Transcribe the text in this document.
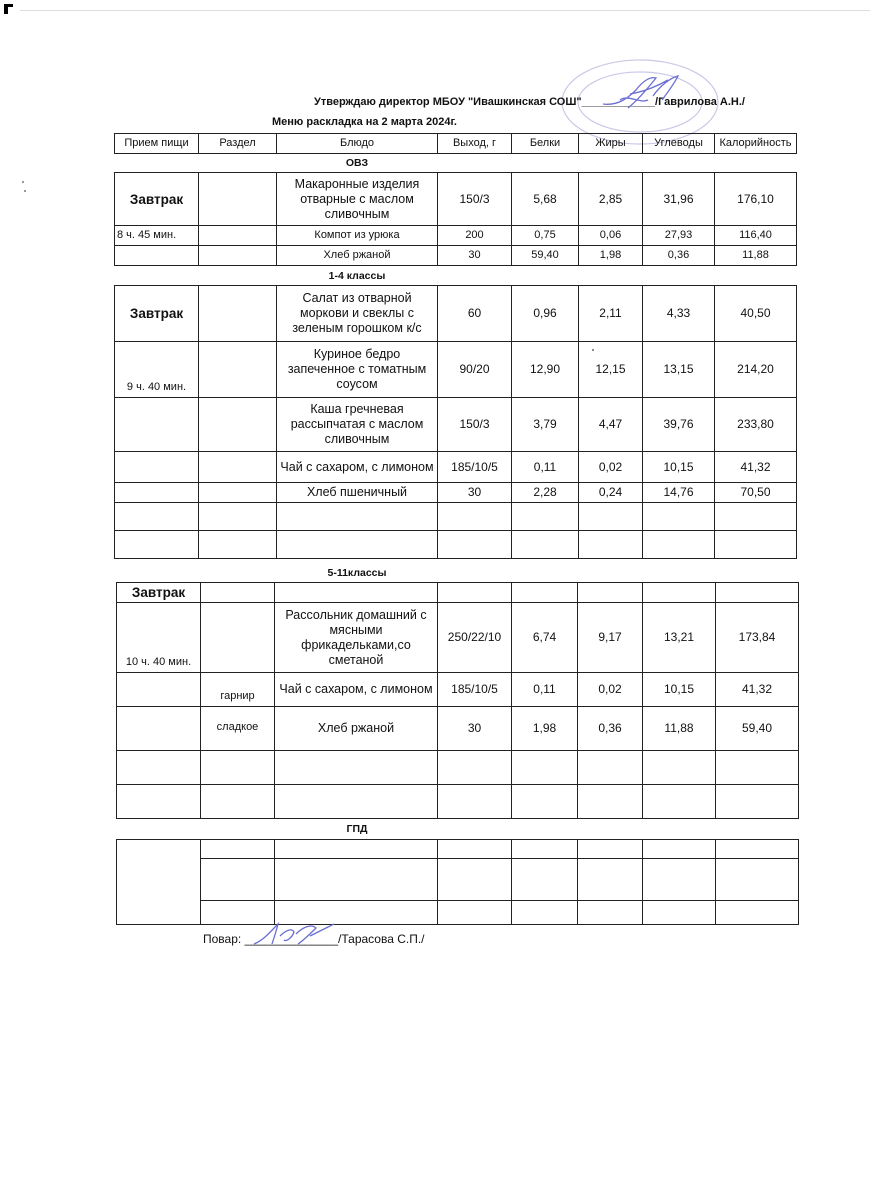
Утверждаю директор МБОУ "Ивашкинская СОШ"____________/Гаврилова А.Н./
Меню раскладка на 2 марта 2024г.
Прием пищи	Раздел	Блюдо	Выход, г	Белки	Жиры	Углеводы	Калорийность
ОВЗ
Завтрак		Макаронные изделия отварные с маслом сливочным	150/3	5,68	2,85	31,96	176,10
8 ч. 45 мин.		Компот из урюка	200	0,75	0,06	27,93	116,40
		Хлеб ржаной	30	59,40	1,98	0,36	11,88
1-4 классы
Завтрак		Салат из отварной моркови и свеклы с зеленым горошком к/с	60	0,96	2,11	4,33	40,50
9 ч. 40 мин.		Куриное бедро запеченное с томатным соусом	90/20	12,90	12,15	13,15	214,20
		Каша гречневая рассыпчатая с маслом сливочным	150/3	3,79	4,47	39,76	233,80
		Чай с сахаром, с лимоном	185/10/5	0,11	0,02	10,15	41,32
		Хлеб пшеничный	30	2,28	0,24	14,76	70,50

5-11классы
Завтрак							
10 ч. 40 мин.		Рассольник домашний с мясными фрикадельками,со сметаной	250/22/10	6,74	9,17	13,21	173,84
	гарнир	Чай с сахаром, с лимоном	185/10/5	0,11	0,02	10,15	41,32
	сладкое	Хлеб ржаной	30	1,98	0,36	11,88	59,40

ГПД

Повар: ______________/Тарасова С.П./
